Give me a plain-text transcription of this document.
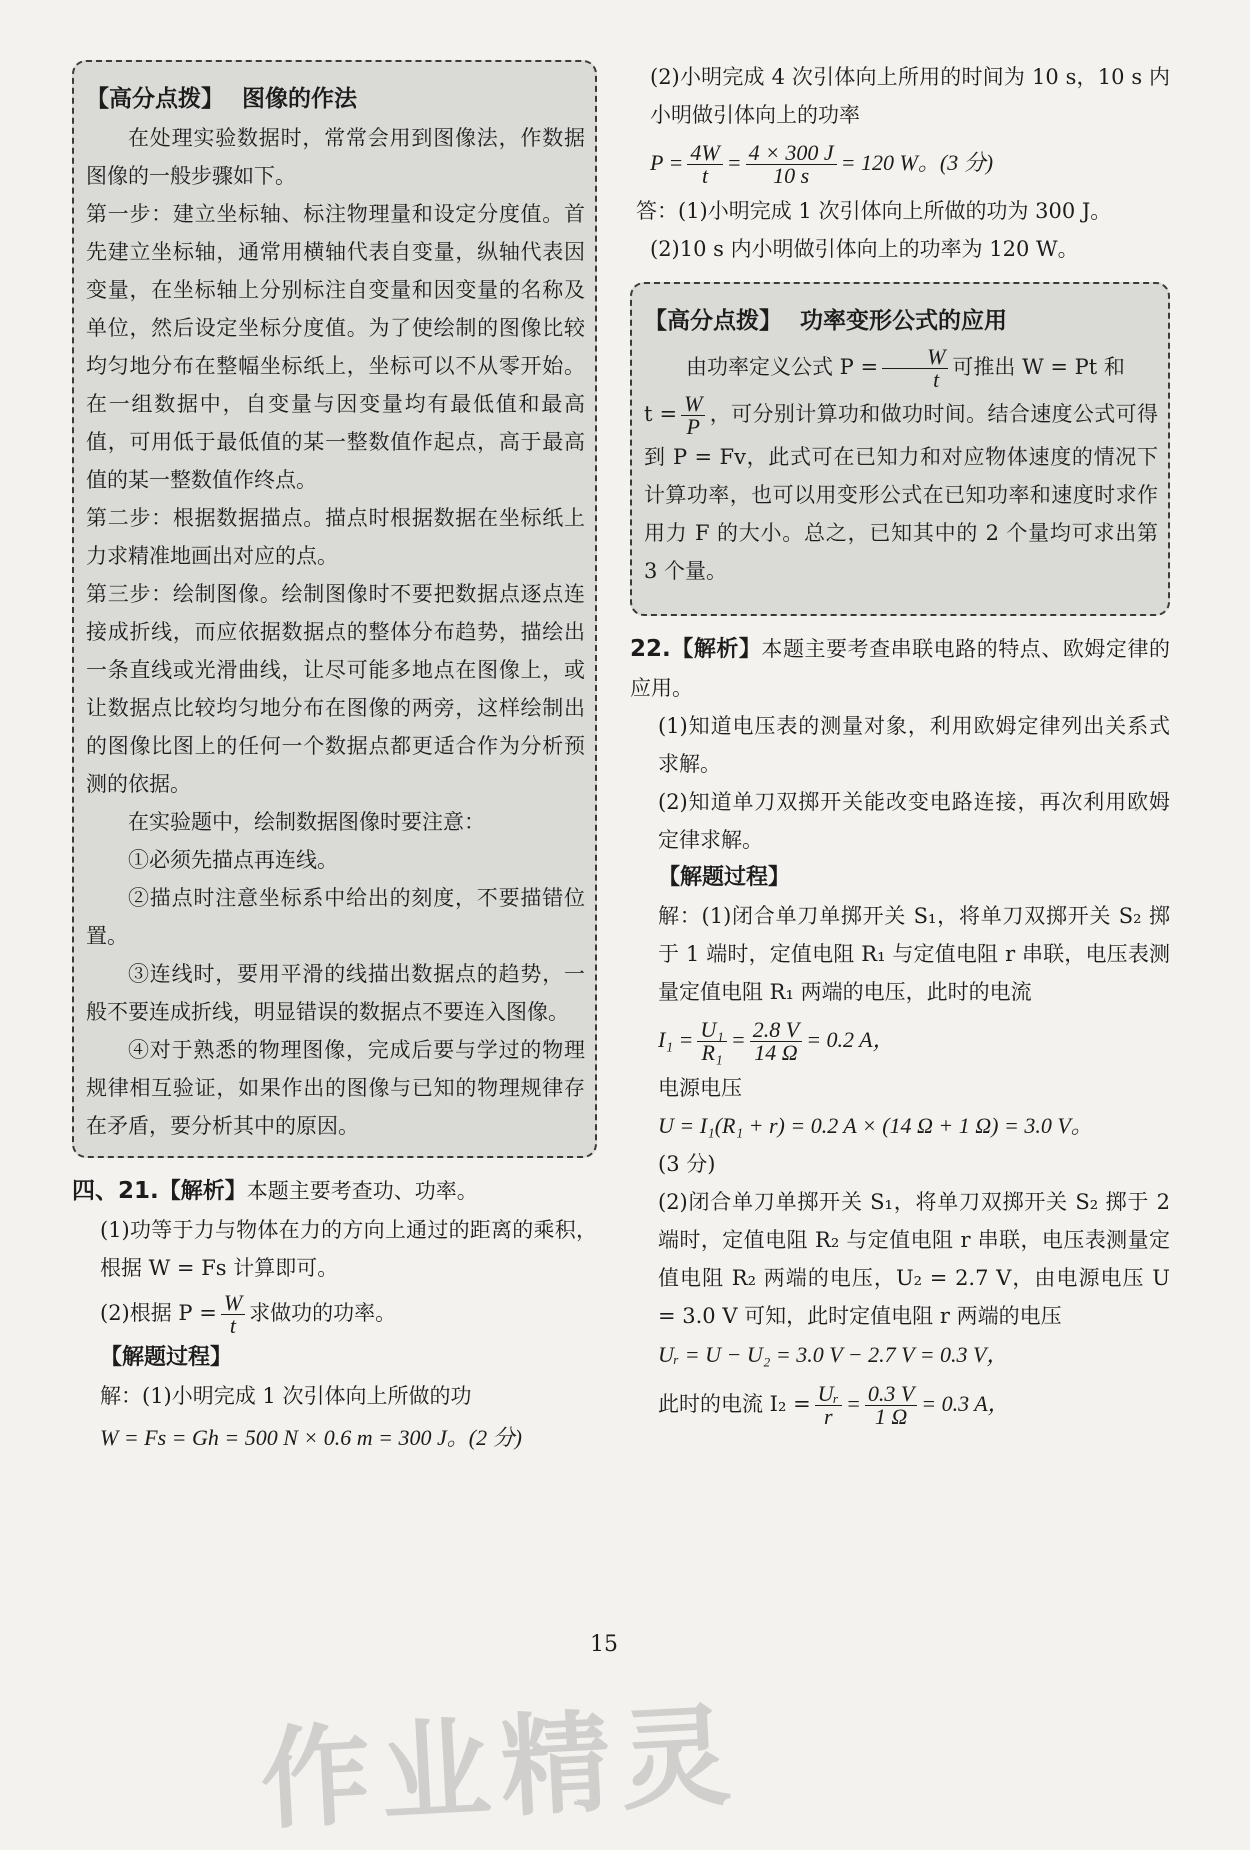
【高分点拨】 图像的作法

在处理实验数据时，常常会用到图像法，作数据图像的一般步骤如下。

第一步：建立坐标轴、标注物理量和设定分度值。首先建立坐标轴，通常用横轴代表自变量，纵轴代表因变量，在坐标轴上分别标注自变量和因变量的名称及单位，然后设定坐标分度值。为了使绘制的图像比较均匀地分布在整幅坐标纸上，坐标可以不从零开始。在一组数据中，自变量与因变量均有最低值和最高值，可用低于最低值的某一整数值作起点，高于最高值的某一整数值作终点。

第二步：根据数据描点。描点时根据数据在坐标纸上力求精准地画出对应的点。

第三步：绘制图像。绘制图像时不要把数据点逐点连接成折线，而应依据数据点的整体分布趋势，描绘出一条直线或光滑曲线，让尽可能多地点在图像上，或让数据点比较均匀地分布在图像的两旁，这样绘制出的图像比图上的任何一个数据点都更适合作为分析预测的依据。

在实验题中，绘制数据图像时要注意：

①必须先描点再连线。

②描点时注意坐标系中给出的刻度，不要描错位置。

③连线时，要用平滑的线描出数据点的趋势，一般不要连成折线，明显错误的数据点不要连入图像。

④对于熟悉的物理图像，完成后要与学过的物理规律相互验证，如果作出的图像与已知的物理规律存在矛盾，要分析其中的原因。

四、21.【解析】本题主要考查功、功率。

(1)功等于力与物体在力的方向上通过的距离的乘积，根据 W = Fs 计算即可。

(2)根据 $P = \frac{W}{t}$ 求做功的功率。

【解题过程】

解：(1)小明完成 1 次引体向上所做的功

W = Fs = Gh = 500 N × 0.6 m = 300 J。(2 分)

(2)小明完成 4 次引体向上所用的时间为 10 s，10 s 内小明做引体向上的功率

$P = \frac{4W}{t} = \frac{4 \times 300 J}{10 s} = 120$ W。(3 分)

答：(1)小明完成 1 次引体向上所做的功为 300 J。

(2)10 s 内小明做引体向上的功率为 120 W。

【高分点拨】 功率变形公式的应用

由功率定义公式 $P = \frac{W}{t}$ 可推出 W = Pt 和

$t = \frac{W}{P}$ ，可分别计算功和做功时间。结合速度公式可得到 P = Fv，此式可在已知力和对应物体速度的情况下计算功率，也可以用变形公式在已知功率和速度时求作用力 F 的大小。总之，已知其中的 2 个量均可求出第 3 个量。

22.【解析】本题主要考查串联电路的特点、欧姆定律的应用。

(1)知道电压表的测量对象，利用欧姆定律列出关系式求解。

(2)知道单刀双掷开关能改变电路连接，再次利用欧姆定律求解。

【解题过程】

解：(1)闭合单刀单掷开关 S₁，将单刀双掷开关 S₂ 掷于 1 端时，定值电阻 R₁ 与定值电阻 r 串联，电压表测量定值电阻 R₁ 两端的电压，此时的电流

$I_1 = \frac{\text{U₁}}{\text{R₁}} = \frac{2.8 V}{14 \Omega} = 0.2$ A，

电源电压

U = I₁(R₁ + r) = 0.2 A × (14 Ω + 1 Ω) = 3.0 V。

(3 分)

(2)闭合单刀单掷开关 S₁，将单刀双掷开关 S₂ 掷于 2 端时，定值电阻 R₂ 与定值电阻 r 串联，电压表测量定值电阻 R₂ 两端的电压，U₂ = 2.7 V，由电源电压 U = 3.0 V 可知，此时定值电阻 r 两端的电压

Uᵣ = U − U₂ = 3.0 V − 2.7 V = 0.3 V，

此时的电流 $I_2 = \frac{\text{Uᵣ}}{r} = \frac{0.3 V}{1 \Omega} = 0.3$ A，

15
作业精灵
